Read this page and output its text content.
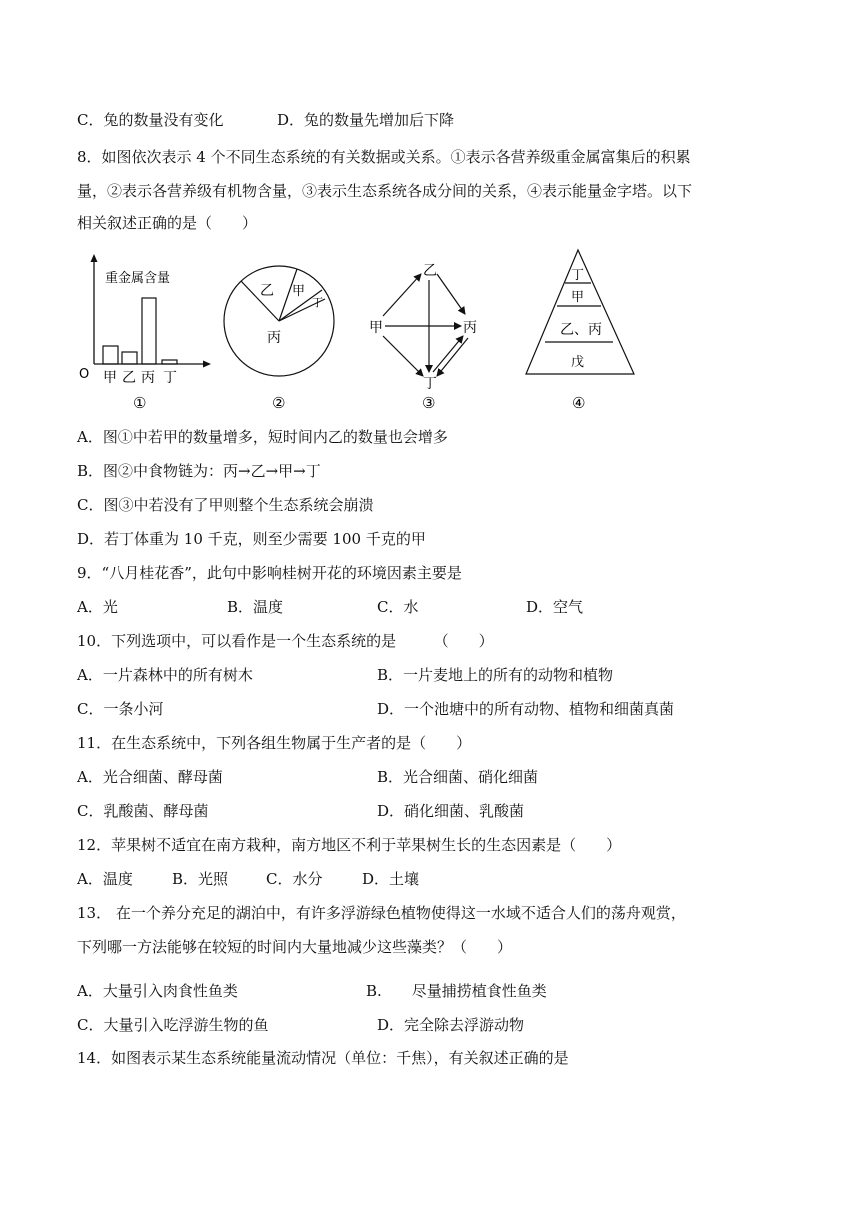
C．兔的数量没有变化	D．兔的数量先增加后下降
8．如图依次表示 4 个不同生态系统的有关数据或关系。①表示各营养级重金属富集后的积累
量，②表示各营养级有机物含量，③表示生态系统各成分间的关系，④表示能量金字塔。以下
相关叙述正确的是（　　）
重金属含量
O 甲 乙 丙 丁
①
乙 甲
丁
丙
②
乙
甲	丙
丁
③
丁
甲
乙、丙
戊
④
A．图①中若甲的数量增多，短时间内乙的数量也会增多
B．图②中食物链为：丙→乙→甲→丁
C．图③中若没有了甲则整个生态系统会崩溃
D．若丁体重为 10 千克，则至少需要 100 千克的甲
9．“八月桂花香”，此句中影响桂树开花的环境因素主要是
A．光	B．温度	C．水	D．空气
10．下列选项中，可以看作是一个生态系统的是　　　（　　）
A．一片森林中的所有树木	B．一片麦地上的所有的动物和植物
C．一条小河	D．一个池塘中的所有动物、植物和细菌真菌
11．在生态系统中，下列各组生物属于生产者的是（　　）
A．光合细菌、酵母菌	B．光合细菌、硝化细菌
C．乳酸菌、酵母菌	D．硝化细菌、乳酸菌
12．苹果树不适宜在南方栽种，南方地区不利于苹果树生长的生态因素是（　　）
A．温度	B．光照	C．水分	D．土壤
13． 在一个养分充足的湖泊中，有许多浮游绿色植物使得这一水域不适合人们的荡舟观赏，
下列哪一方法能够在较短的时间内大量地减少这些藻类？（　　）
A．大量引入肉食性鱼类	B.　　尽量捕捞植食性鱼类
C．大量引入吃浮游生物的鱼	D．完全除去浮游动物
14．如图表示某生态系统能量流动情况（单位：千焦），有关叙述正确的是
